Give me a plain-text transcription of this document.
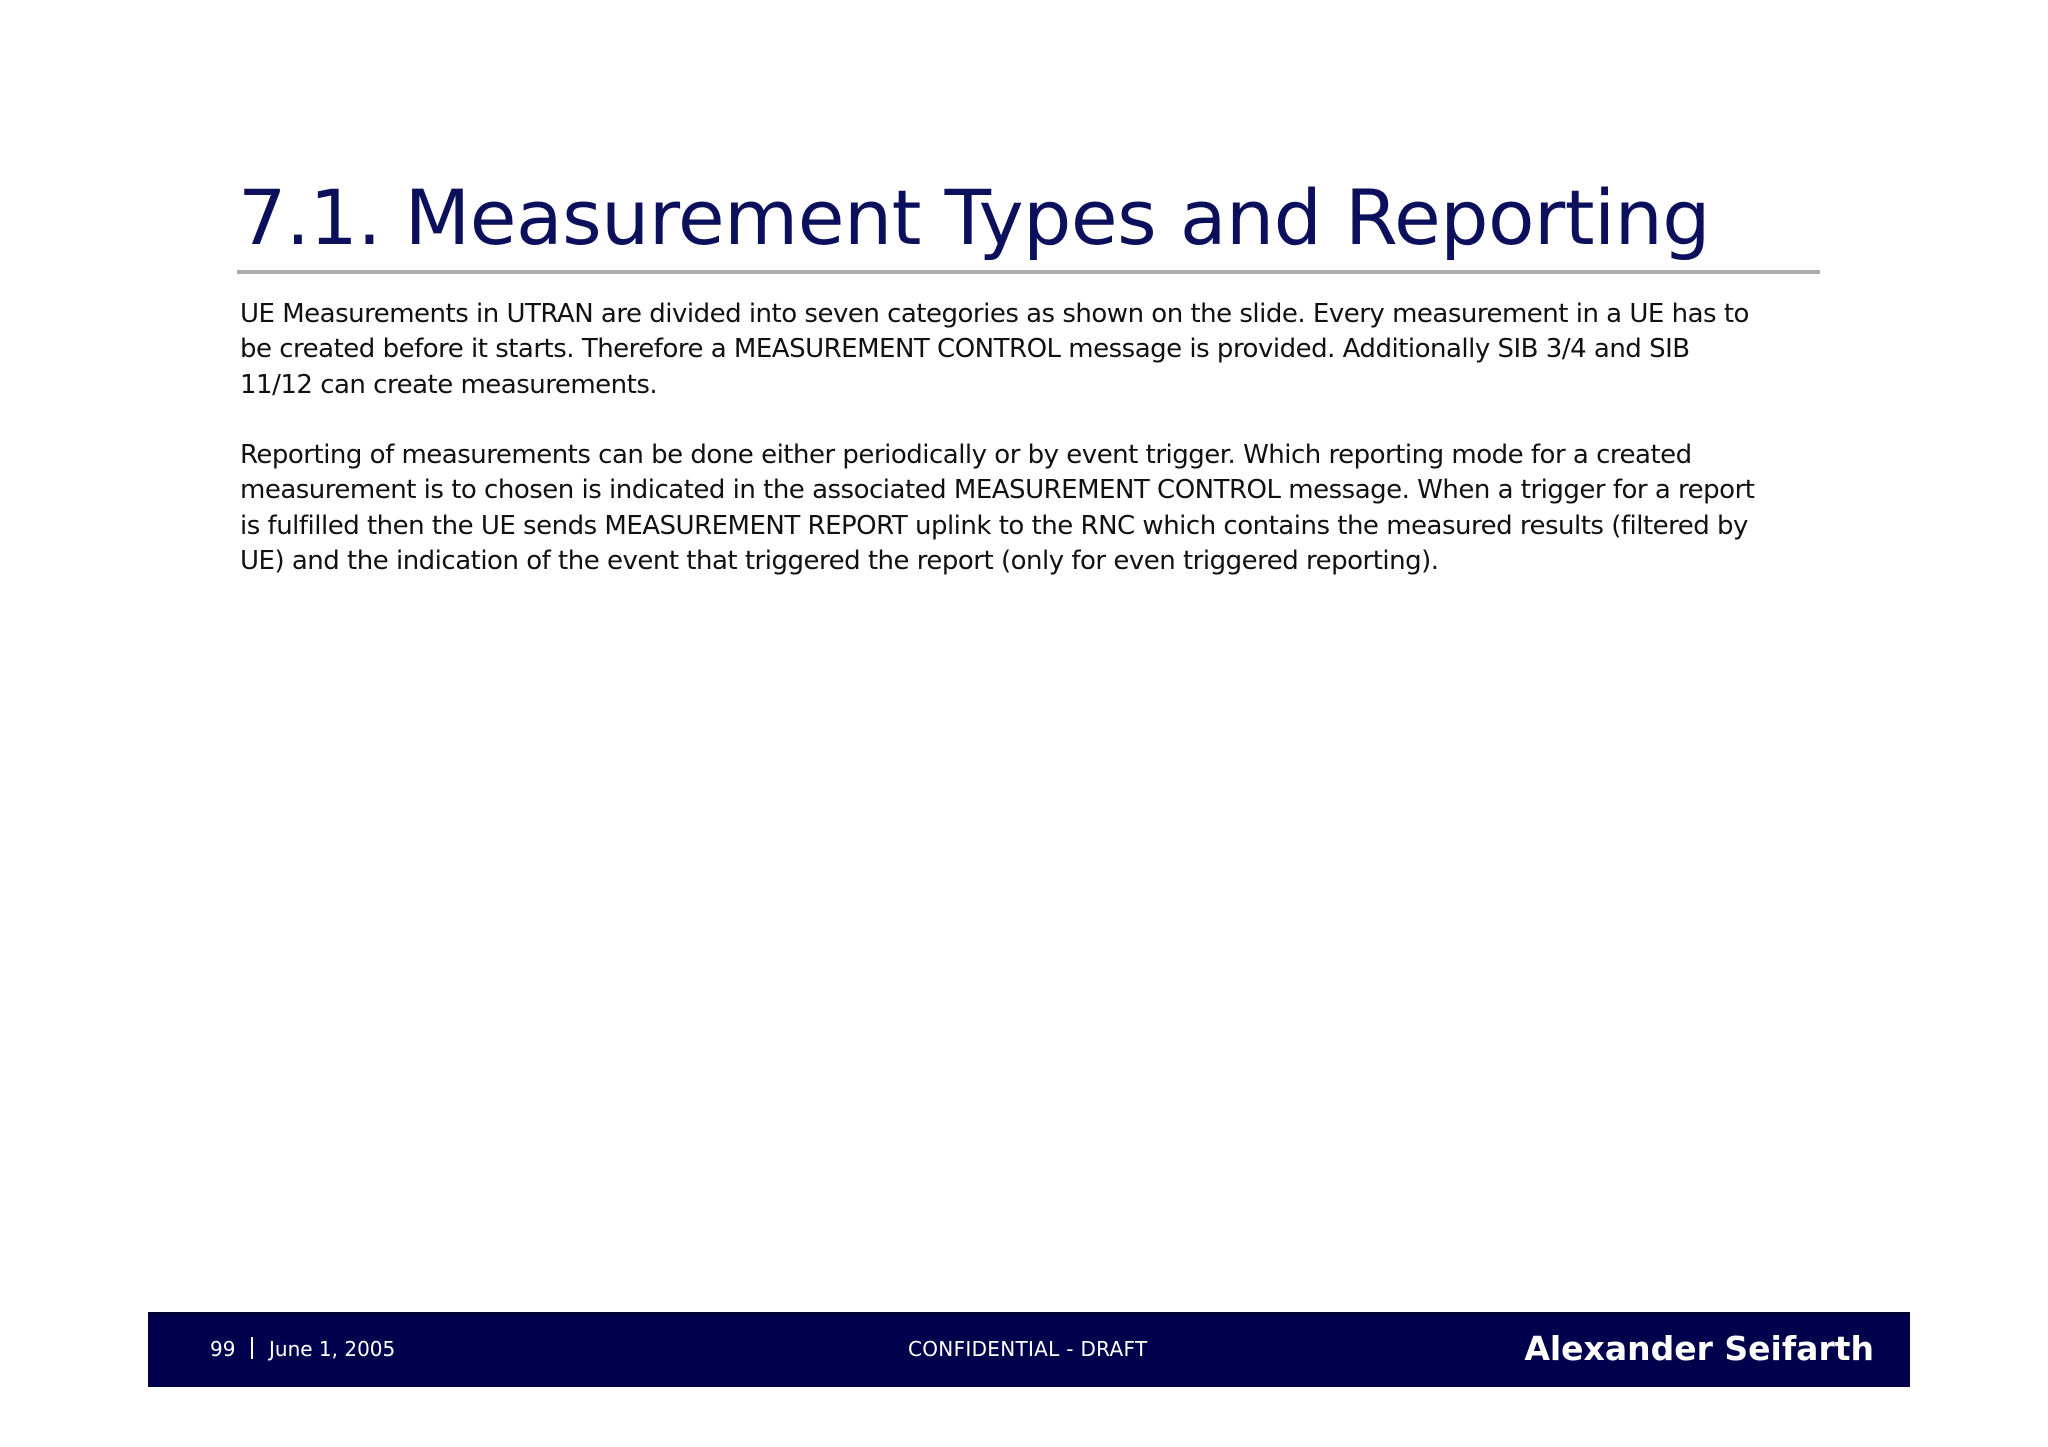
7.1. Measurement Types and Reporting

UE Measurements in UTRAN are divided into seven categories as shown on the slide. Every measurement in a UE has to
be created before it starts. Therefore a MEASUREMENT CONTROL message is provided. Additionally SIB 3/4 and SIB
11/12 can create measurements.

Reporting of measurements can be done either periodically or by event trigger. Which reporting mode for a created
measurement is to chosen is indicated in the associated MEASUREMENT CONTROL message. When a trigger for a report
is fulfilled then the UE sends MEASUREMENT REPORT uplink to the RNC which contains the measured results (filtered by
UE) and the indication of the event that triggered the report (only for even triggered reporting).

99 June 1, 2005	CONFIDENTIAL - DRAFT	Alexander Seifarth
